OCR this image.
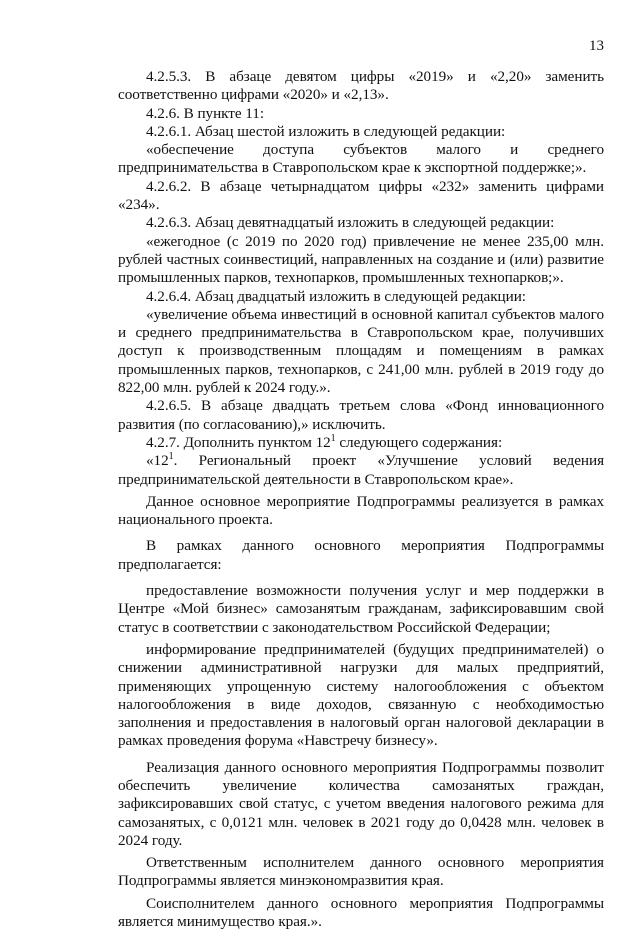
13

4.2.5.3. В абзаце девятом цифры «2019» и «2,20» заменить соответственно цифрами «2020» и «2,13».

4.2.6. В пункте 11:

4.2.6.1. Абзац шестой изложить в следующей редакции:

«обеспечение доступа субъектов малого и среднего предпринимательства в Ставропольском крае к экспортной поддержке;».

4.2.6.2. В абзаце четырнадцатом цифры «232» заменить цифрами «234».

4.2.6.3. Абзац девятнадцатый изложить в следующей редакции:

«ежегодное (с 2019 по 2020 год) привлечение не менее 235,00 млн. рублей частных соинвестиций, направленных на создание и (или) развитие промышленных парков, технопарков, промышленных технопарков;».

4.2.6.4. Абзац двадцатый изложить в следующей редакции:

«увеличение объема инвестиций в основной капитал субъектов малого и среднего предпринимательства в Ставропольском крае, получивших доступ к производственным площадям и помещениям в рамках промышленных парков, технопарков, с 241,00 млн. рублей в 2019 году до 822,00 млн. рублей к 2024 году.».

4.2.6.5. В абзаце двадцать третьем слова «Фонд инновационного развития (по согласованию),» исключить.

4.2.7. Дополнить пунктом $12^1$ следующего содержания:

«$12^1$. Региональный проект «Улучшение условий ведения предпринимательской деятельности в Ставропольском крае».

Данное основное мероприятие Подпрограммы реализуется в рамках национального проекта.

В рамках данного основного мероприятия Подпрограммы предполагается:

предоставление возможности получения услуг и мер поддержки в Центре «Мой бизнес» самозанятым гражданам, зафиксировавшим свой статус в соответствии с законодательством Российской Федерации;

информирование предпринимателей (будущих предпринимателей) о снижении административной нагрузки для малых предприятий, применяющих упрощенную систему налогообложения с объектом налогообложения в виде доходов, связанную с необходимостью заполнения и предоставления в налоговый орган налоговой декларации в рамках проведения форума «Навстречу бизнесу».

Реализация данного основного мероприятия Подпрограммы позволит обеспечить увеличение количества самозанятых граждан, зафиксировавших свой статус, с учетом введения налогового режима для самозанятых, с 0,0121 млн. человек в 2021 году до 0,0428 млн. человек в 2024 году.

Ответственным исполнителем данного основного мероприятия Подпрограммы является минэкономразвития края.

Соисполнителем данного основного мероприятия Подпрограммы является минимущество края.».
